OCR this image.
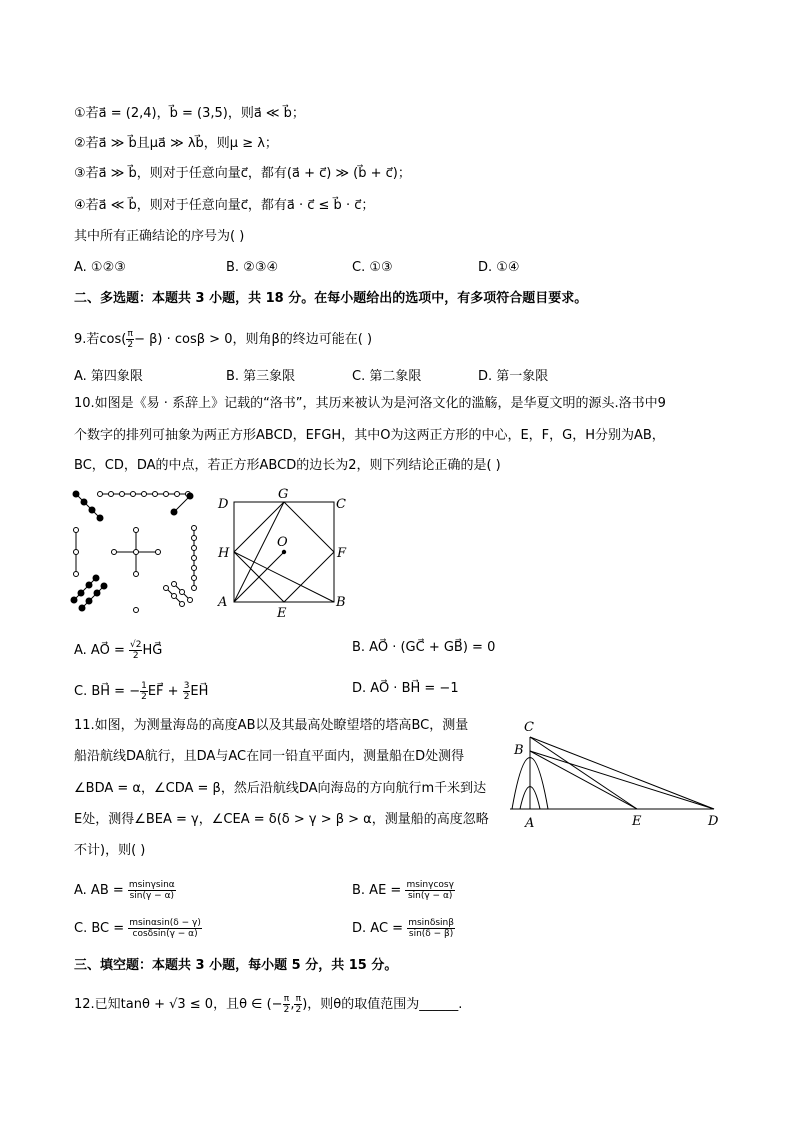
①若a⃗ = (2,4)，b⃗ = (3,5)，则a⃗ ≪ b⃗；
②若a⃗ ≫ b⃗且μa⃗ ≫ λb⃗，则μ ≥ λ；
③若a⃗ ≫ b⃗，则对于任意向量c⃗，都有(a⃗ + c⃗) ≫ (b⃗ + c⃗)；
④若a⃗ ≪ b⃗，则对于任意向量c⃗，都有a⃗ · c⃗ ≤ b⃗ · c⃗；
其中所有正确结论的序号为( )
A. ①②③	B. ②③④	C. ①③	D. ①④
二、多选题：本题共 3 小题，共 18 分。在每小题给出的选项中，有多项符合题目要求。
9.若$\cos( \frac{\pi}{2} - \beta) \cdot \cos\beta > 0$，则角β的终边可能在( )
A. 第四象限	B. 第三象限	C. 第二象限	D. 第一象限
10.如图是《易 · 系辞上》记载的“洛书”，其历来被认为是河洛文化的滥觞，是华夏文明的源头.洛书中9
个数字的排列可抽象为两正方形ABCD，EFGH，其中O为这两正方形的中心，E，F，G，H分别为AB，
BC，CD，DA的中点，若正方形ABCD的边长为2，则下列结论正确的是( )
D
G
C
H
O
F
A
E
B
A. AO⃗ = $\frac{√2}{2}$ HG⃗	B. AO⃗ · (GC⃗ + GB⃗) = 0
C. BH⃗ = − $\frac{1}{2}$ EF⃗ + $\frac{3}{2}$ EH⃗	D. AO⃗ · BH⃗ = −1
11.如图，为测量海岛的高度AB以及其最高处瞭望塔的塔高BC，测量
船沿航线DA航行，且DA与AC在同一铅直平面内，测量船在D处测得
∠BDA = α，∠CDA = β，然后沿航线DA向海岛的方向航行m千米到达
E处，测得∠BEA = γ，∠CEA = δ(δ > γ > β > α，测量船的高度忽略
不计)，则( )
C
B
A	E	D
A. AB = $\frac{msin\gamma\sin\alpha}{\sin(\gamma - \alpha)}$	B. AE = $\frac{msin\gamma\cos\gamma}{\sin(\gamma - \alpha)}$
C. BC = $\frac{msin\alpha\sin(\delta - \gamma)}{\cos\delta\sin(\gamma - \alpha)}$	D. AC = $\frac{msin\delta\sin\beta}{\sin(\delta - \beta)}$
三、填空题：本题共 3 小题，每小题 5 分，共 15 分。
12.已知tanθ + √3 ≤ 0，且θ ∈ (− $\frac{\pi}{2}$ , $\frac{\pi}{2}$ )，则θ的取值范围为______.
